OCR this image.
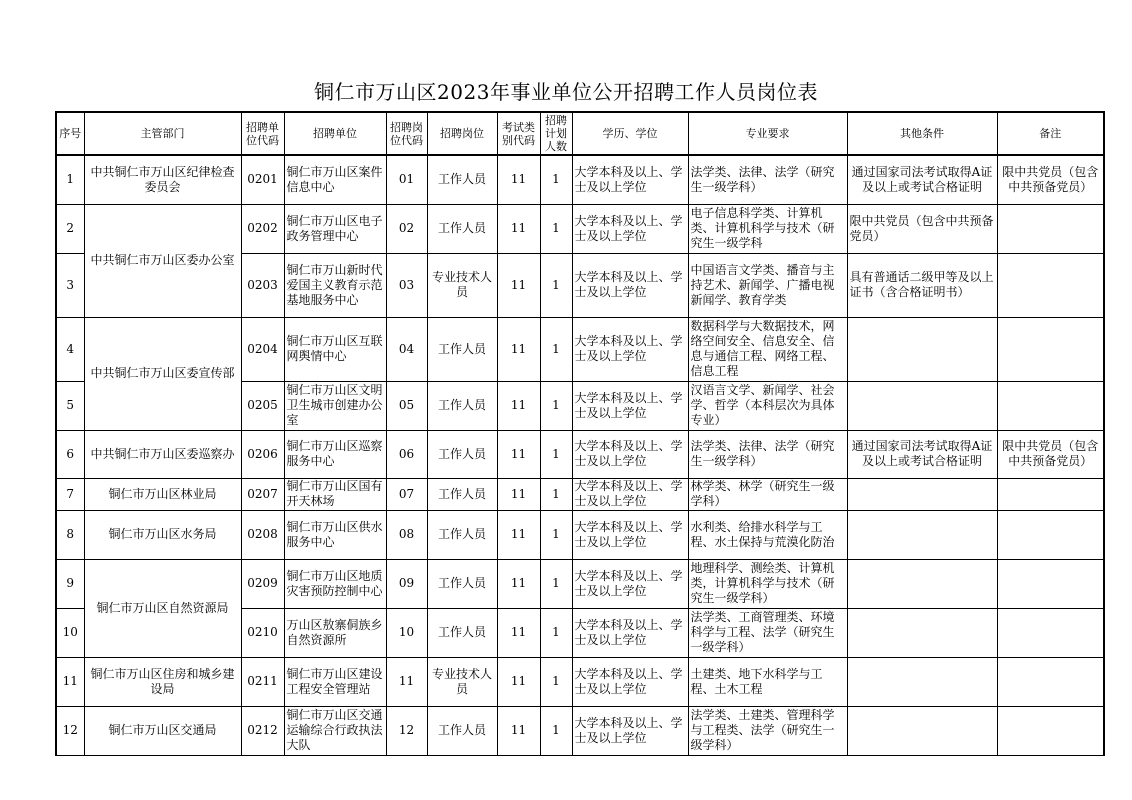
铜仁市万山区2023年事业单位公开招聘工作人员岗位表
序号	主管部门	招聘单位代码	招聘单位	招聘岗位代码	招聘岗位	考试类别代码	招聘计划人数	学历、学位	专业要求	其他条件	备注
1	中共铜仁市万山区纪律检查委员会	0201	铜仁市万山区案件信息中心	01	工作人员	11	1	大学本科及以上、学士及以上学位	法学类、法律、法学（研究生一级学科）	通过国家司法考试取得A证及以上或考试合格证明	限中共党员（包含中共预备党员）
2	中共铜仁市万山区委办公室	0202	铜仁市万山区电子政务管理中心	02	工作人员	11	1	大学本科及以上、学士及以上学位	电子信息科学类、计算机类、计算机科学与技术（研究生一级学科	限中共党员（包含中共预备党员）	
3		0203	铜仁市万山新时代爱国主义教育示范基地服务中心	03	专业技术人员	11	1	大学本科及以上、学士及以上学位	中国语言文学类、播音与主持艺术、新闻学、广播电视新闻学、教育学类	具有普通话二级甲等及以上证书（含合格证明书）	
4	中共铜仁市万山区委宣传部	0204	铜仁市万山区互联网舆情中心	04	工作人员	11	1	大学本科及以上、学士及以上学位	数据科学与大数据技术，网络空间安全、信息安全、信息与通信工程、网络工程、信息工程		
5		0205	铜仁市万山区文明卫生城市创建办公室	05	工作人员	11	1	大学本科及以上、学士及以上学位	汉语言文学、新闻学、社会学、哲学（本科层次为具体专业）		
6	中共铜仁市万山区委巡察办	0206	铜仁市万山区巡察服务中心	06	工作人员	11	1	大学本科及以上、学士及以上学位	法学类、法律、法学（研究生一级学科）	通过国家司法考试取得A证及以上或考试合格证明	限中共党员（包含中共预备党员）
7	铜仁市万山区林业局	0207	铜仁市万山区国有开天林场	07	工作人员	11	1	大学本科及以上、学士及以上学位	林学类、林学（研究生一级学科）		
8	铜仁市万山区水务局	0208	铜仁市万山区供水服务中心	08	工作人员	11	1	大学本科及以上、学士及以上学位	水利类、给排水科学与工程、水土保持与荒漠化防治		
9	铜仁市万山区自然资源局	0209	铜仁市万山区地质灾害预防控制中心	09	工作人员	11	1	大学本科及以上、学士及以上学位	地理科学、测绘类、计算机类，计算机科学与技术（研究生一级学科）		
10		0210	万山区敖寨侗族乡自然资源所	10	工作人员	11	1	大学本科及以上、学士及以上学位	法学类、工商管理类、环境科学与工程、法学（研究生一级学科）		
11	铜仁市万山区住房和城乡建设局	0211	铜仁市万山区建设工程安全管理站	11	专业技术人员	11	1	大学本科及以上、学士及以上学位	土建类、地下水科学与工程、土木工程		
12	铜仁市万山区交通局	0212	铜仁市万山区交通运输综合行政执法大队	12	工作人员	11	1	大学本科及以上、学士及以上学位	法学类、土建类、管理科学与工程类、法学（研究生一级学科）		
